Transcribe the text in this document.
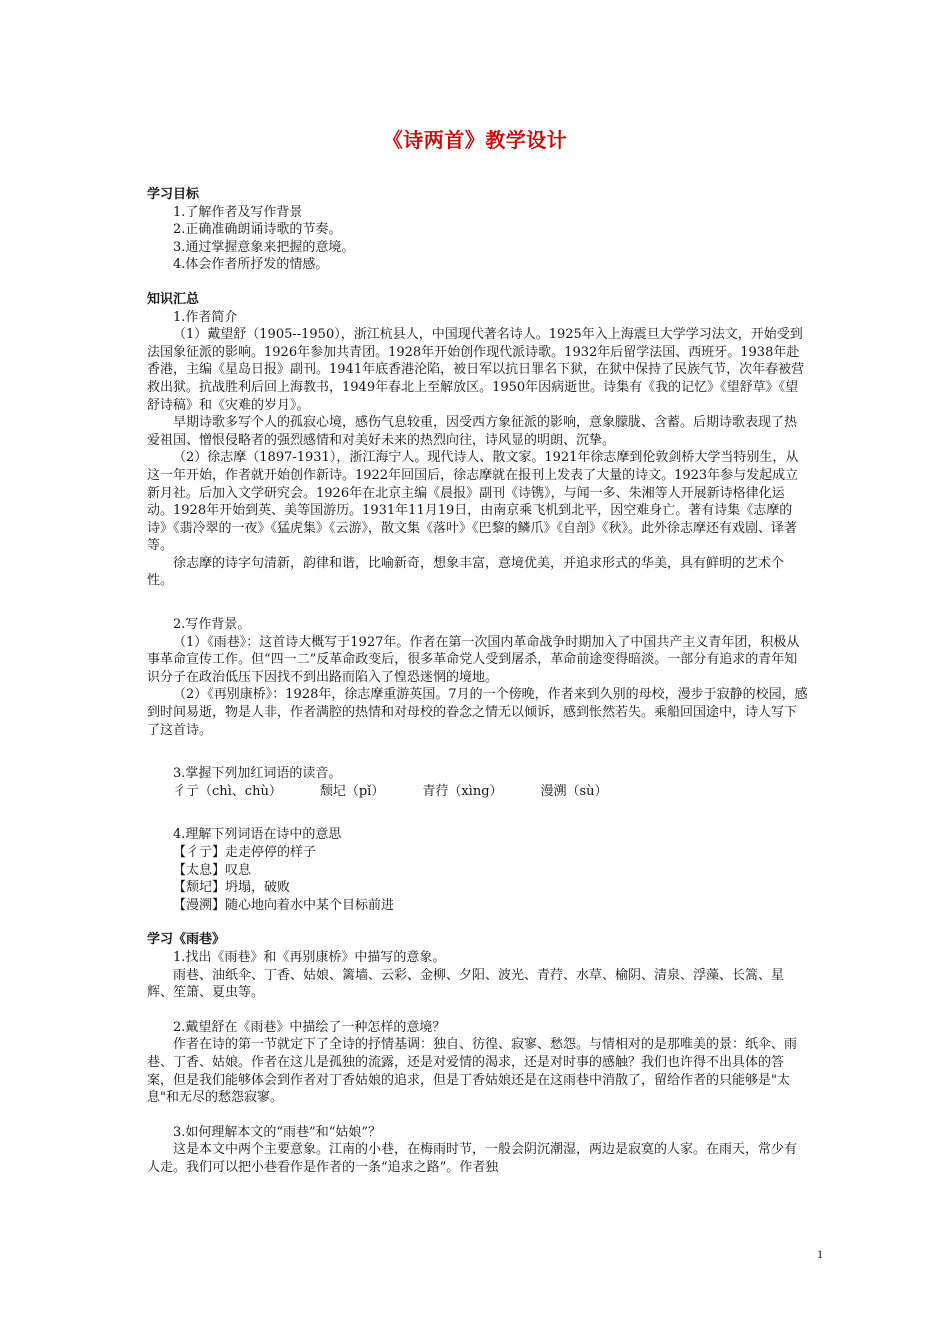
《诗两首》教学设计

学习目标

1.了解作者及写作背景

2.正确准确朗诵诗歌的节奏。

3.通过掌握意象来把握的意境。

4.体会作者所抒发的情感。

知识汇总

1.作者简介

（1）戴望舒（1905--1950），浙江杭县人，中国现代著名诗人。1925年入上海震旦大学学习法文，开始受到法国象征派的影响。1926年参加共青团。1928年开始创作现代派诗歌。1932年后留学法国、西班牙。1938年赴香港，主编《星岛日报》副刊。1941年底香港沦陷，被日军以抗日罪名下狱，在狱中保持了民族气节，次年春被营救出狱。抗战胜利后回上海教书，1949年春北上至解放区。1950年因病逝世。诗集有《我的记忆》《望舒草》《望舒诗稿》和《灾难的岁月》。

早期诗歌多写个人的孤寂心境，感伤气息较重，因受西方象征派的影响，意象朦胧、含蓄。后期诗歌表现了热爱祖国、憎恨侵略者的强烈感情和对美好未来的热烈向往，诗风显的明朗、沉挚。

（2）徐志摩（1897-1931），浙江海宁人。现代诗人、散文家。1921年徐志摩到伦敦剑桥大学当特别生，从这一年开始，作者就开始创作新诗。1922年回国后，徐志摩就在报刊上发表了大量的诗文。1923年参与发起成立新月社。后加入文学研究会。1926年在北京主编《晨报》副刊《诗镌》，与闻一多、朱湘等人开展新诗格律化运动。1928年开始到英、美等国游历。1931年11月19日，由南京乘飞机到北平，因空难身亡。著有诗集《志摩的诗》《翡冷翠的一夜》《猛虎集》《云游》，散文集《落叶》《巴黎的鳞爪》《自剖》《秋》。此外徐志摩还有戏剧、译著等。

徐志摩的诗字句清新，韵律和谐，比喻新奇，想象丰富，意境优美，并追求形式的华美，具有鲜明的艺术个性。

2.写作背景。

（1）《雨巷》：这首诗大概写于1927年。作者在第一次国内革命战争时期加入了中国共产主义青年团，积极从事革命宣传工作。但“四一二”反革命政变后，很多革命党人受到屠杀，革命前途变得暗淡。一部分有追求的青年知识分子在政治低压下因找不到出路而陷入了惶恐迷惘的境地。

（2）《再别康桥》：1928年，徐志摩重游英国。7月的一个傍晚，作者来到久别的母校，漫步于寂静的校园，感到时间易逝，物是人非，作者满腔的热情和对母校的眷念之情无以倾诉，感到怅然若失。乘船回国途中，诗人写下了这首诗。

3.掌握下列加红词语的读音。

彳亍（chì、chù）	颓圮（pǐ）	青荇（xìng）	漫溯（sù）

4.理解下列词语在诗中的意思

【彳亍】走走停停的样子

【太息】叹息

【颓圮】坍塌，破败

【漫溯】随心地向着水中某个目标前进

学习《雨巷》

1.找出《雨巷》和《再别康桥》中描写的意象。

雨巷、油纸伞、丁香、姑娘、篱墙、云彩、金柳、夕阳、波光、青荇、水草、榆阴、清泉、浮藻、长篙、星辉、笙箫、夏虫等。

2.戴望舒在《雨巷》中描绘了一种怎样的意境？

作者在诗的第一节就定下了全诗的抒情基调：独自、彷徨、寂寥、愁怨。与情相对的是那唯美的景：纸伞、雨巷、丁香、姑娘。作者在这儿是孤独的流露，还是对爱情的渴求，还是对时事的感触？我们也许得不出具体的答案，但是我们能够体会到作者对丁香姑娘的追求，但是丁香姑娘还是在这雨巷中消散了，留给作者的只能够是"太息"和无尽的愁怨寂寥。

3.如何理解本文的“雨巷”和“姑娘”？

这是本文中两个主要意象。江南的小巷，在梅雨时节，一般会阴沉潮湿，两边是寂寞的人家。在雨天，常少有人走。我们可以把小巷看作是作者的一条“追求之路”。作者独

1
